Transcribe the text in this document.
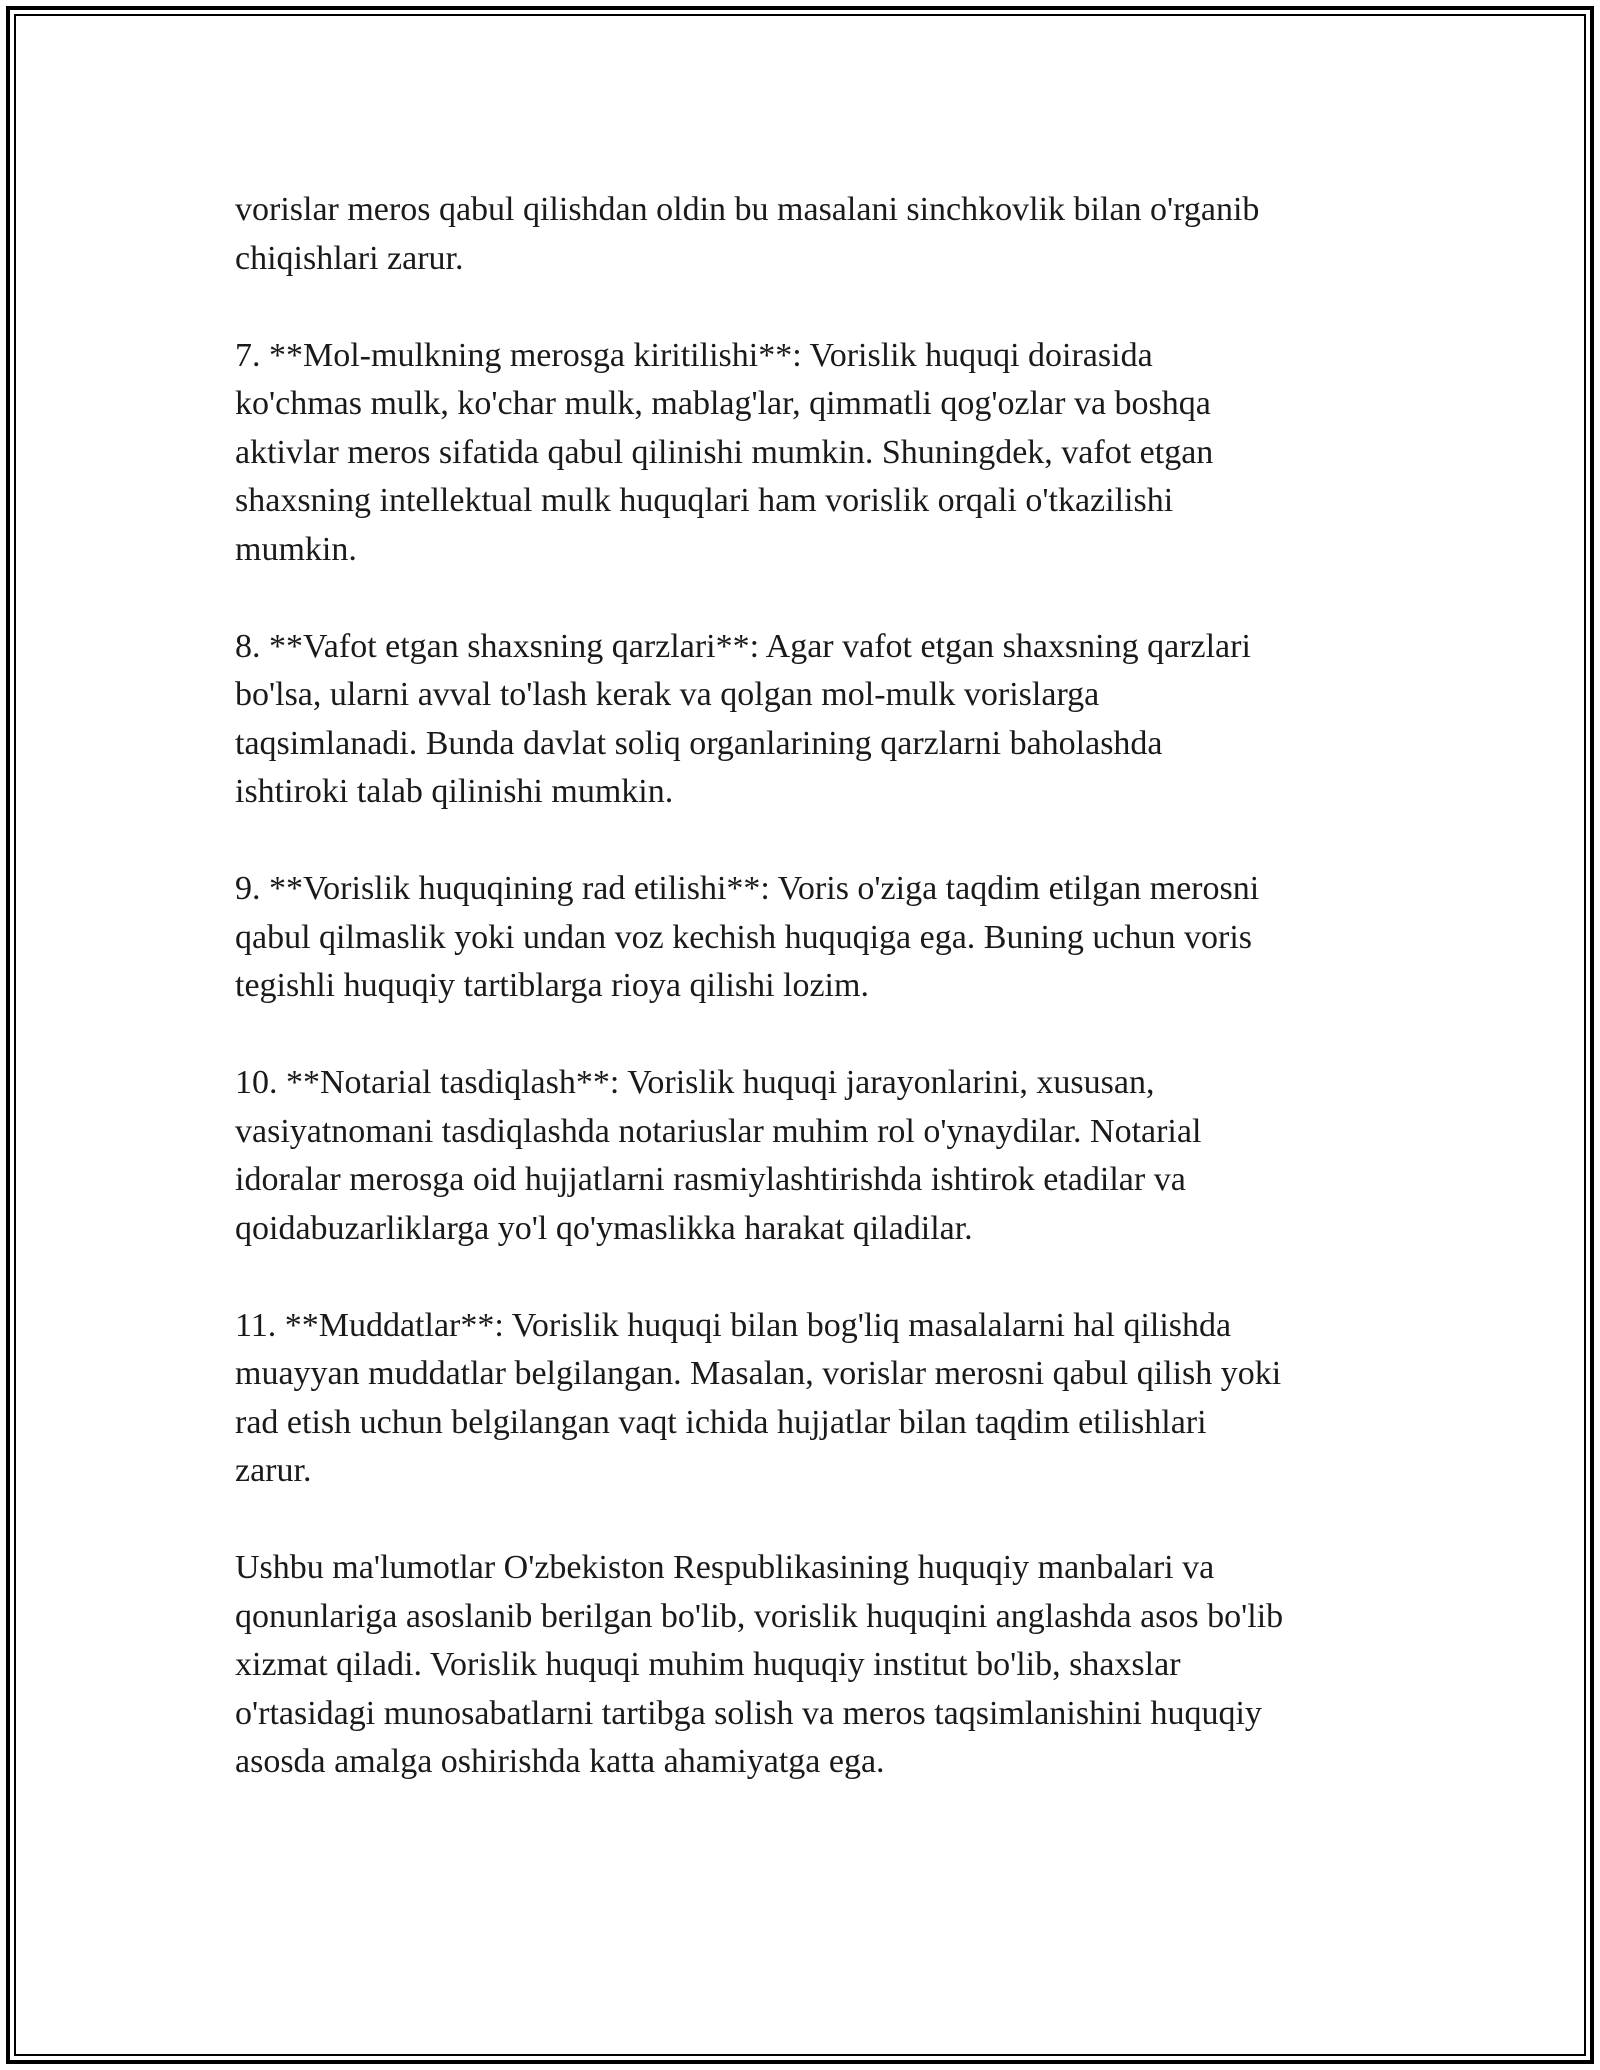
vorislar meros qabul qilishdan oldin bu masalani sinchkovlik bilan o'rganib
chiqishlari zarur.

7. **Mol-mulkning merosga kiritilishi**: Vorislik huquqi doirasida
ko'chmas mulk, ko'char mulk, mablag'lar, qimmatli qog'ozlar va boshqa
aktivlar meros sifatida qabul qilinishi mumkin. Shuningdek, vafot etgan
shaxsning intellektual mulk huquqlari ham vorislik orqali o'tkazilishi
mumkin.

8. **Vafot etgan shaxsning qarzlari**: Agar vafot etgan shaxsning qarzlari
bo'lsa, ularni avval to'lash kerak va qolgan mol-mulk vorislarga
taqsimlanadi. Bunda davlat soliq organlarining qarzlarni baholashda
ishtiroki talab qilinishi mumkin.

9. **Vorislik huquqining rad etilishi**: Voris o'ziga taqdim etilgan merosni
qabul qilmaslik yoki undan voz kechish huquqiga ega. Buning uchun voris
tegishli huquqiy tartiblarga rioya qilishi lozim.

10. **Notarial tasdiqlash**: Vorislik huquqi jarayonlarini, xususan,
vasiyatnomani tasdiqlashda notariuslar muhim rol o'ynaydilar. Notarial
idoralar merosga oid hujjatlarni rasmiylashtirishda ishtirok etadilar va
qoidabuzarliklarga yo'l qo'ymaslikka harakat qiladilar.

11. **Muddatlar**: Vorislik huquqi bilan bog'liq masalalarni hal qilishda
muayyan muddatlar belgilangan. Masalan, vorislar merosni qabul qilish yoki
rad etish uchun belgilangan vaqt ichida hujjatlar bilan taqdim etilishlari
zarur.

Ushbu ma'lumotlar O'zbekiston Respublikasining huquqiy manbalari va
qonunlariga asoslanib berilgan bo'lib, vorislik huquqini anglashda asos bo'lib
xizmat qiladi. Vorislik huquqi muhim huquqiy institut bo'lib, shaxslar
o'rtasidagi munosabatlarni tartibga solish va meros taqsimlanishini huquqiy
asosda amalga oshirishda katta ahamiyatga ega.
